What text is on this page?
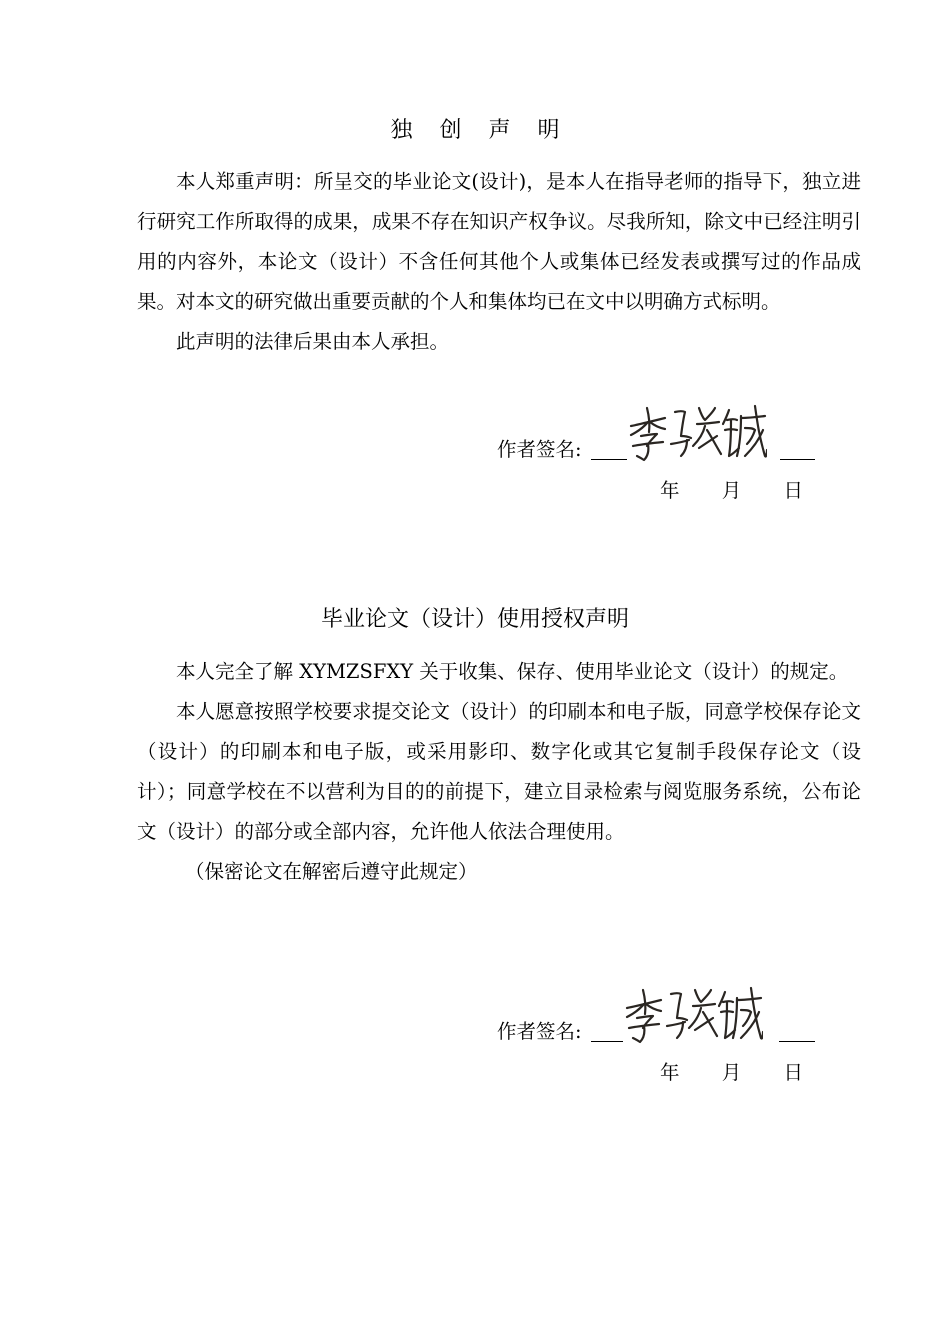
独 创 声 明

本人郑重声明：所呈交的毕业论文(设计)，是本人在指导老师的指导下，独立进行研究工作所取得的成果，成果不存在知识产权争议。尽我所知，除文中已经注明引用的内容外，本论文（设计）不含任何其他个人或集体已经发表或撰写过的作品成果。对本文的研究做出重要贡献的个人和集体均已在文中以明确方式标明。

此声明的法律后果由本人承担。

作者签名:
年 月 日
毕业论文（设计）使用授权声明

本人完全了解 XYMZSFXY 关于收集、保存、使用毕业论文（设计）的规定。

本人愿意按照学校要求提交论文（设计）的印刷本和电子版，同意学校保存论文（设计）的印刷本和电子版，或采用影印、数字化或其它复制手段保存论文（设计）；同意学校在不以营利为目的的前提下，建立目录检索与阅览服务系统，公布论文（设计）的部分或全部内容，允许他人依法合理使用。

（保密论文在解密后遵守此规定）

作者签名:
年 月 日
